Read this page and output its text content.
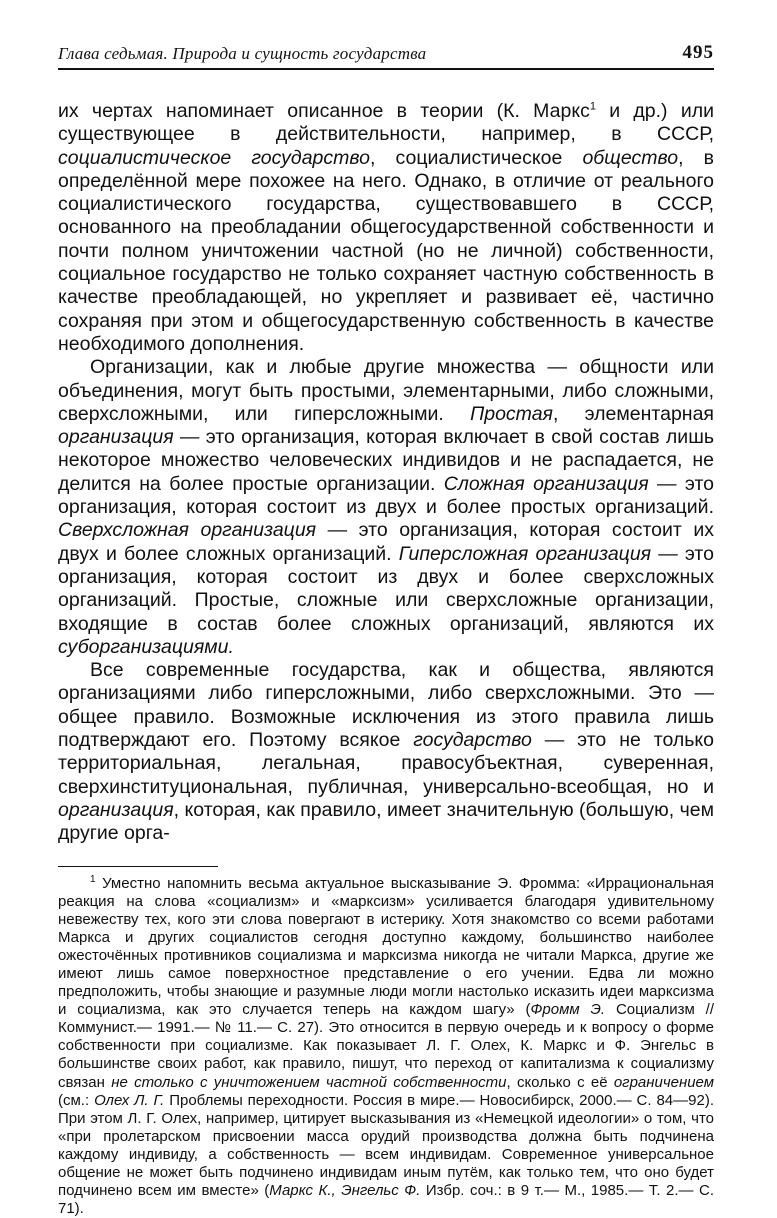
Глава седьмая. Природа и сущность государства	495

их чертах напоминает описанное в теории (К. Маркс$^1$ и др.) или существующее в действительности, например, в СССР, социалистическое государство, социалистическое общество, в определённой мере похожее на него. Однако, в отличие от реального социалистического государства, существовавшего в СССР, основанного на преобладании общегосударственной собственности и почти полном уничтожении частной (но не личной) собственности, социальное государство не только сохраняет частную собственность в качестве преобладающей, но укрепляет и развивает её, частично сохраняя при этом и общегосударственную собственность в качестве необходимого дополнения.

Организации, как и любые другие множества — общности или объединения, могут быть простыми, элементарными, либо сложными, сверхсложными, или гиперсложными. Простая, элементарная организация — это организация, которая включает в свой состав лишь некоторое множество человеческих индивидов и не распадается, не делится на более простые организации. Сложная организация — это организация, которая состоит из двух и более простых организаций. Сверхсложная организация — это организация, которая состоит их двух и более сложных организаций. Гиперсложная организация — это организация, которая состоит из двух и более сверхсложных организаций. Простые, сложные или сверхсложные организации, входящие в состав более сложных организаций, являются их суборганизациями.

Все современные государства, как и общества, являются организациями либо гиперсложными, либо сверхсложными. Это — общее правило. Возможные исключения из этого правила лишь подтверждают его. Поэтому всякое государство — это не только территориальная, легальная, правосубъектная, суверенная, сверхинституциональная, публичная, универсально-всеобщая, но и организация, которая, как правило, имеет значительную (большую, чем другие орга-

$^1$ Уместно напомнить весьма актуальное высказывание Э. Фромма: «Иррациональная реакция на слова «социализм» и «марксизм» усиливается благодаря удивительному невежеству тех, кого эти слова повергают в истерику. Хотя знакомство со всеми работами Маркса и других социалистов сегодня доступно каждому, большинство наиболее ожесточённых противников социализма и марксизма никогда не читали Маркса, другие же имеют лишь самое поверхностное представление о его учении. Едва ли можно предположить, чтобы знающие и разумные люди могли настолько исказить идеи марксизма и социализма, как это случается теперь на каждом шагу» (Фромм Э. Социализм // Коммунист.— 1991.— № 11.— С. 27). Это относится в первую очередь и к вопросу о форме собственности при социализме. Как показывает Л. Г. Олех, К. Маркс и Ф. Энгельс в большинстве своих работ, как правило, пишут, что переход от капитализма к социализму связан не столько с уничтожением частной собственности, сколько с её ограничением (см.: Олех Л. Г. Проблемы переходности. Россия в мире.— Новосибирск, 2000.— С. 84—92). При этом Л. Г. Олех, например, цитирует высказывания из «Немецкой идеологии» о том, что «при пролетарском присвоении масса орудий производства должна быть подчинена каждому индивиду, а собственность — всем индивидам. Современное универсальное общение не может быть подчинено индивидам иным путём, как только тем, что оно будет подчинено всем им вместе» (Маркс К., Энгельс Ф. Избр. соч.: в 9 т.— М., 1985.— Т. 2.— С. 71).
